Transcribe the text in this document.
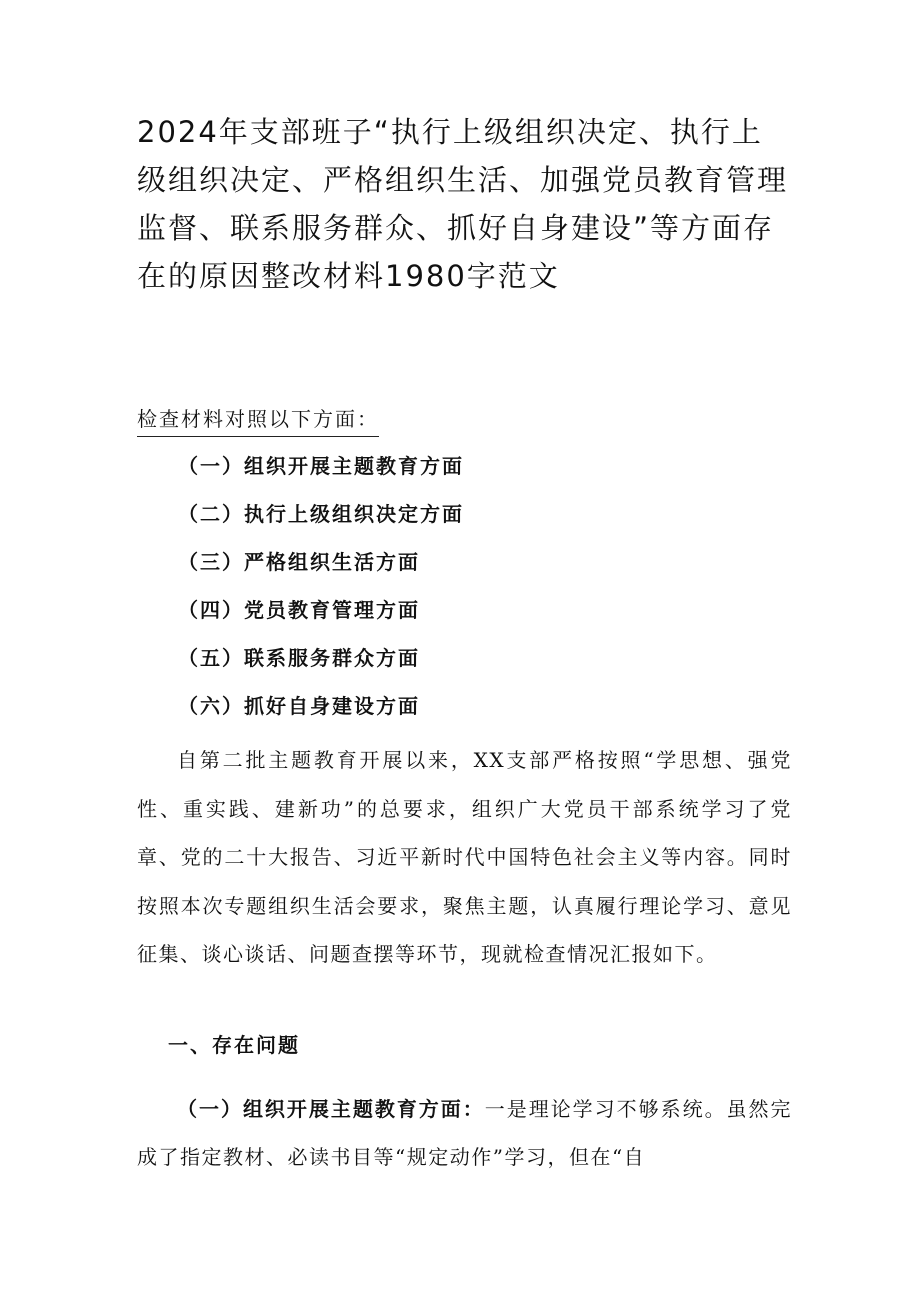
2024年支部班子“执行上级组织决定、执行上级组织决定、严格组织生活、加强党员教育管理监督、联系服务群众、抓好自身建设”等方面存在的原因整改材料1980字范文
检查材料对照以下方面：
（一）组织开展主题教育方面
（二）执行上级组织决定方面
（三）严格组织生活方面
（四）党员教育管理方面
（五）联系服务群众方面
（六）抓好自身建设方面

自第二批主题教育开展以来，XX支部严格按照“学思想、强党性、重实践、建新功”的总要求，组织广大党员干部系统学习了党章、党的二十大报告、习近平新时代中国特色社会主义等内容。同时按照本次专题组织生活会要求，聚焦主题，认真履行理论学习、意见征集、谈心谈话、问题查摆等环节，现就检查情况汇报如下。

一、存在问题

（一）组织开展主题教育方面：一是理论学习不够系统。虽然完成了指定教材、必读书目等“规定动作”学习，但在“自
